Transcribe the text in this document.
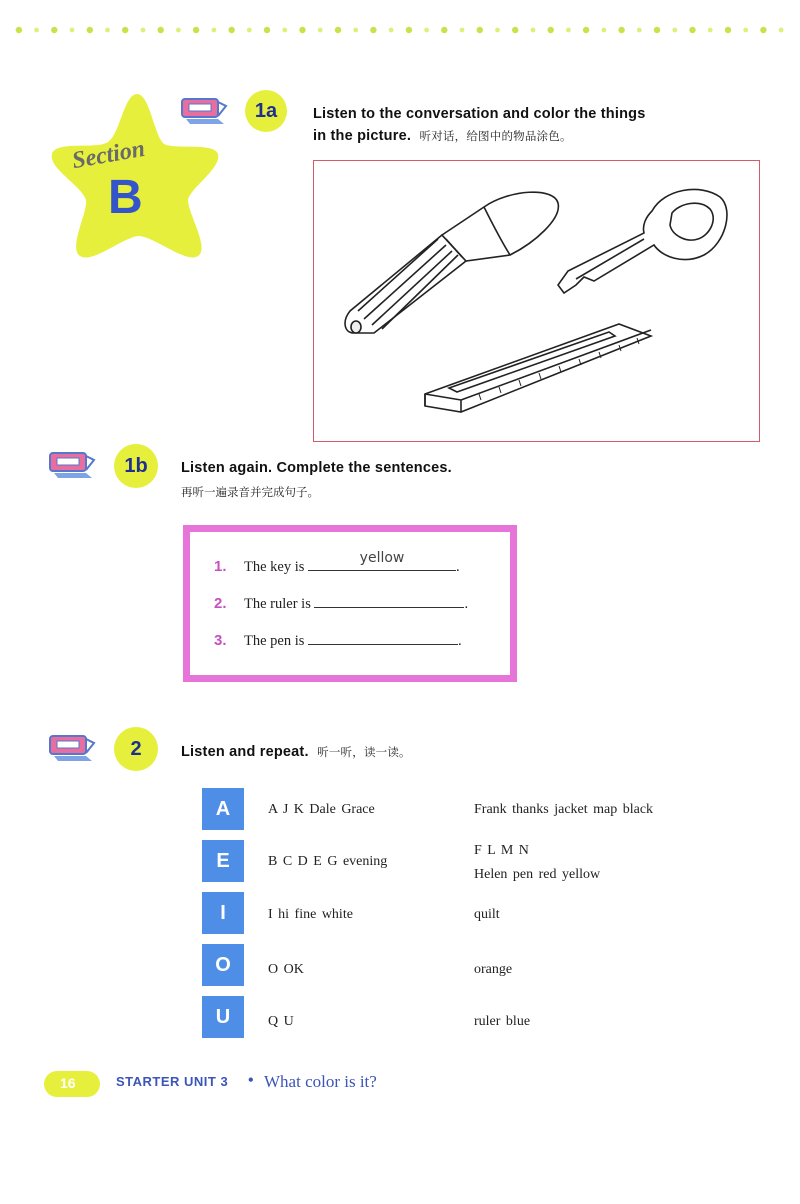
Section
B
1a	Listen to the conversation and color the things
in the picture. 听对话，给图中的物品涂色。
1b	Listen again. Complete the sentences.
再听一遍录音并完成句子。
1. The key is
yellow
.
2. The ruler is	.
3. The pen is	.
2	Listen and repeat. 听一听，读一读。
A	A J K Dale Grace	Frank thanks jacket map black
E	B C D E G evening
F L M N
Helen pen red yellow
I	I hi fine white	quilt
O	O OK	orange
U	Q U	ruler blue
16	STARTER UNIT 3 • What color is it?
